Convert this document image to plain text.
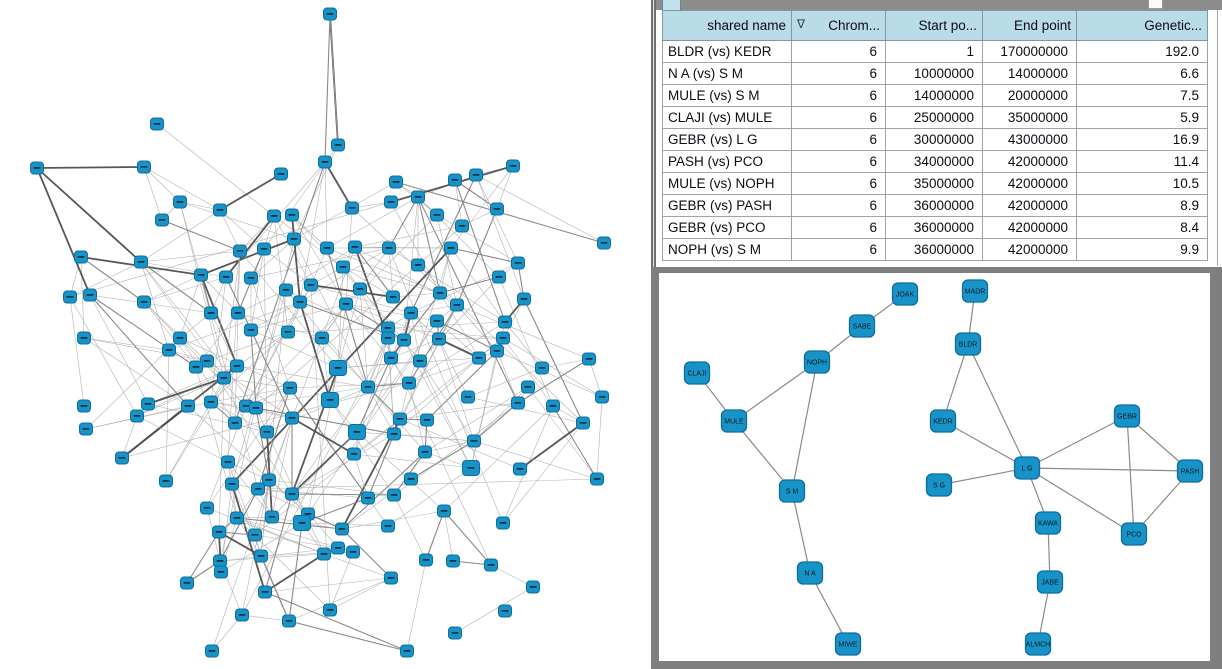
shared name	∇ Chrom...	Start po...	End point	Genetic...
BLDR (vs) KEDR	6	1	170000000	192.0
N A (vs) S M	6	10000000	14000000	6.6
MULE (vs) S M	6	14000000	20000000	7.5
CLAJI (vs) MULE	6	25000000	35000000	5.9
GEBR (vs) L G	6	30000000	43000000	16.9
PASH (vs) PCO	6	34000000	42000000	11.4
MULE (vs) NOPH	6	35000000	42000000	10.5
GEBR (vs) PASH	6	36000000	42000000	8.9
GEBR (vs) PCO	6	36000000	42000000	8.4
NOPH (vs) S M	6	36000000	42000000	9.9
JOAK	MADR
SABE
BLDR
NOPH
CLAJI
MULE	KEDR
GEBR
L G
S G
PASH
S M
KAWA
PCO
N A
JABE
MIWE	ALMCH
